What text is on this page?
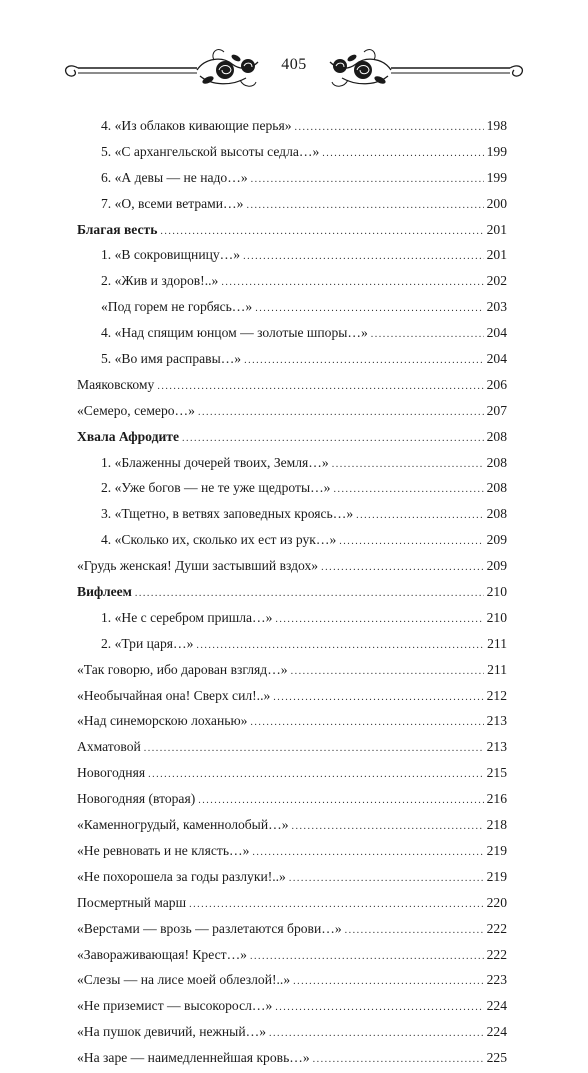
405
4. «Из облаков кивающие перья» .....	198
5. «С архангельской высоты седла…» .....	199
6. «А девы — не надо…» .....	199
7. «О, всеми ветрами…» .....	200
Благая весть .....	201
1. «В сокровищницу…» .....	201
2. «Жив и здоров!..» .....	202
«Под горем не горбясь…» .....	203
4. «Над спящим юнцом — золотые шпоры…» .....	204
5. «Во имя расправы…» .....	204
Маяковскому .....	206
«Семеро, семеро…» .....	207
Хвала Афродите .....	208
1. «Блаженны дочерей твоих, Земля…» .....	208
2. «Уже богов — не те уже щедроты…» .....	208
3. «Тщетно, в ветвях заповедных кроясь…» .....	208
4. «Сколько их, сколько их ест из рук…» .....	209
«Грудь женская! Души застывший вздох» .....	209
Вифлеем .....	210
1. «Не с серебром пришла…» .....	210
2. «Три царя…» .....	211
«Так говорю, ибо дарован взгляд…» .....	211
«Необычайная она! Сверх сил!..» .....	212
«Над синеморскою лоханью» .....	213
Ахматовой .....	213
Новогодняя .....	215
Новогодняя (вторая) .....	216
«Каменногрудый, каменнолобый…» .....	218
«Не ревновать и не клясть…» .....	219
«Не похорошела за годы разлуки!..» .....	219
Посмертный марш .....	220
«Верстами — врозь — разлетаются брови…» .....	222
«Завораживающая! Крест…» .....	222
«Слезы — на лисе моей облезлой!..» .....	223
«Не приземист — высокоросл…» .....	224
«На пушок девичий, нежный…» .....	224
«На заре — наимедленнейшая кровь…» .....	225
